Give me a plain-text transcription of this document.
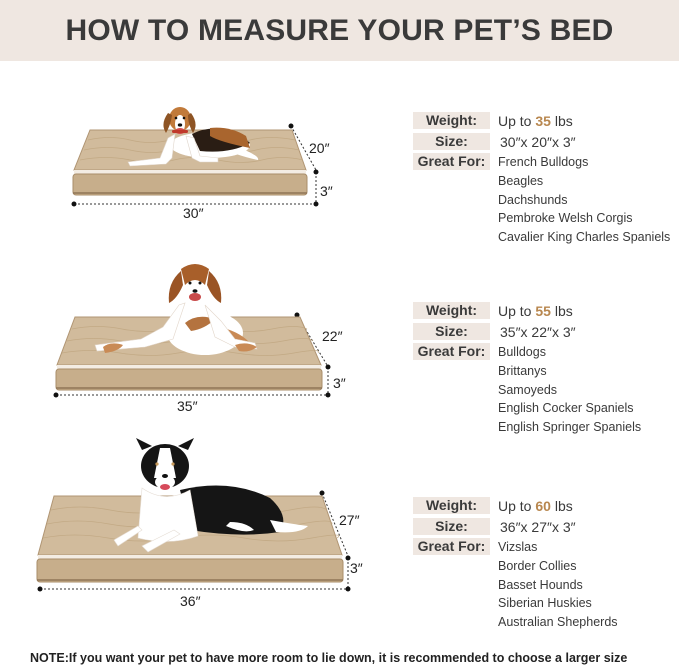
HOW TO MEASURE YOUR PET’S BED
30″
20″
3″
Weight:	Up to 35 lbs
Size:	30″x 20″x 3″
Great For:	French Bulldogs
Beagles
Dachshunds
Pembroke Welsh Corgis
Cavalier King Charles Spaniels
35″
22″
3″
Weight:	Up to 55 lbs
Size:	35″x 22″x 3″
Great For:	Bulldogs
Brittanys
Samoyeds
English Cocker Spaniels
English Springer Spaniels
36″
27″
3″
Weight:	Up to 60 lbs
Size:	36″x 27″x 3″
Great For:	Vizslas
Border Collies
Basset Hounds
Siberian Huskies
Australian Shepherds
NOTE:If you want your pet to have more room to lie down, it is recommended to choose a larger size
